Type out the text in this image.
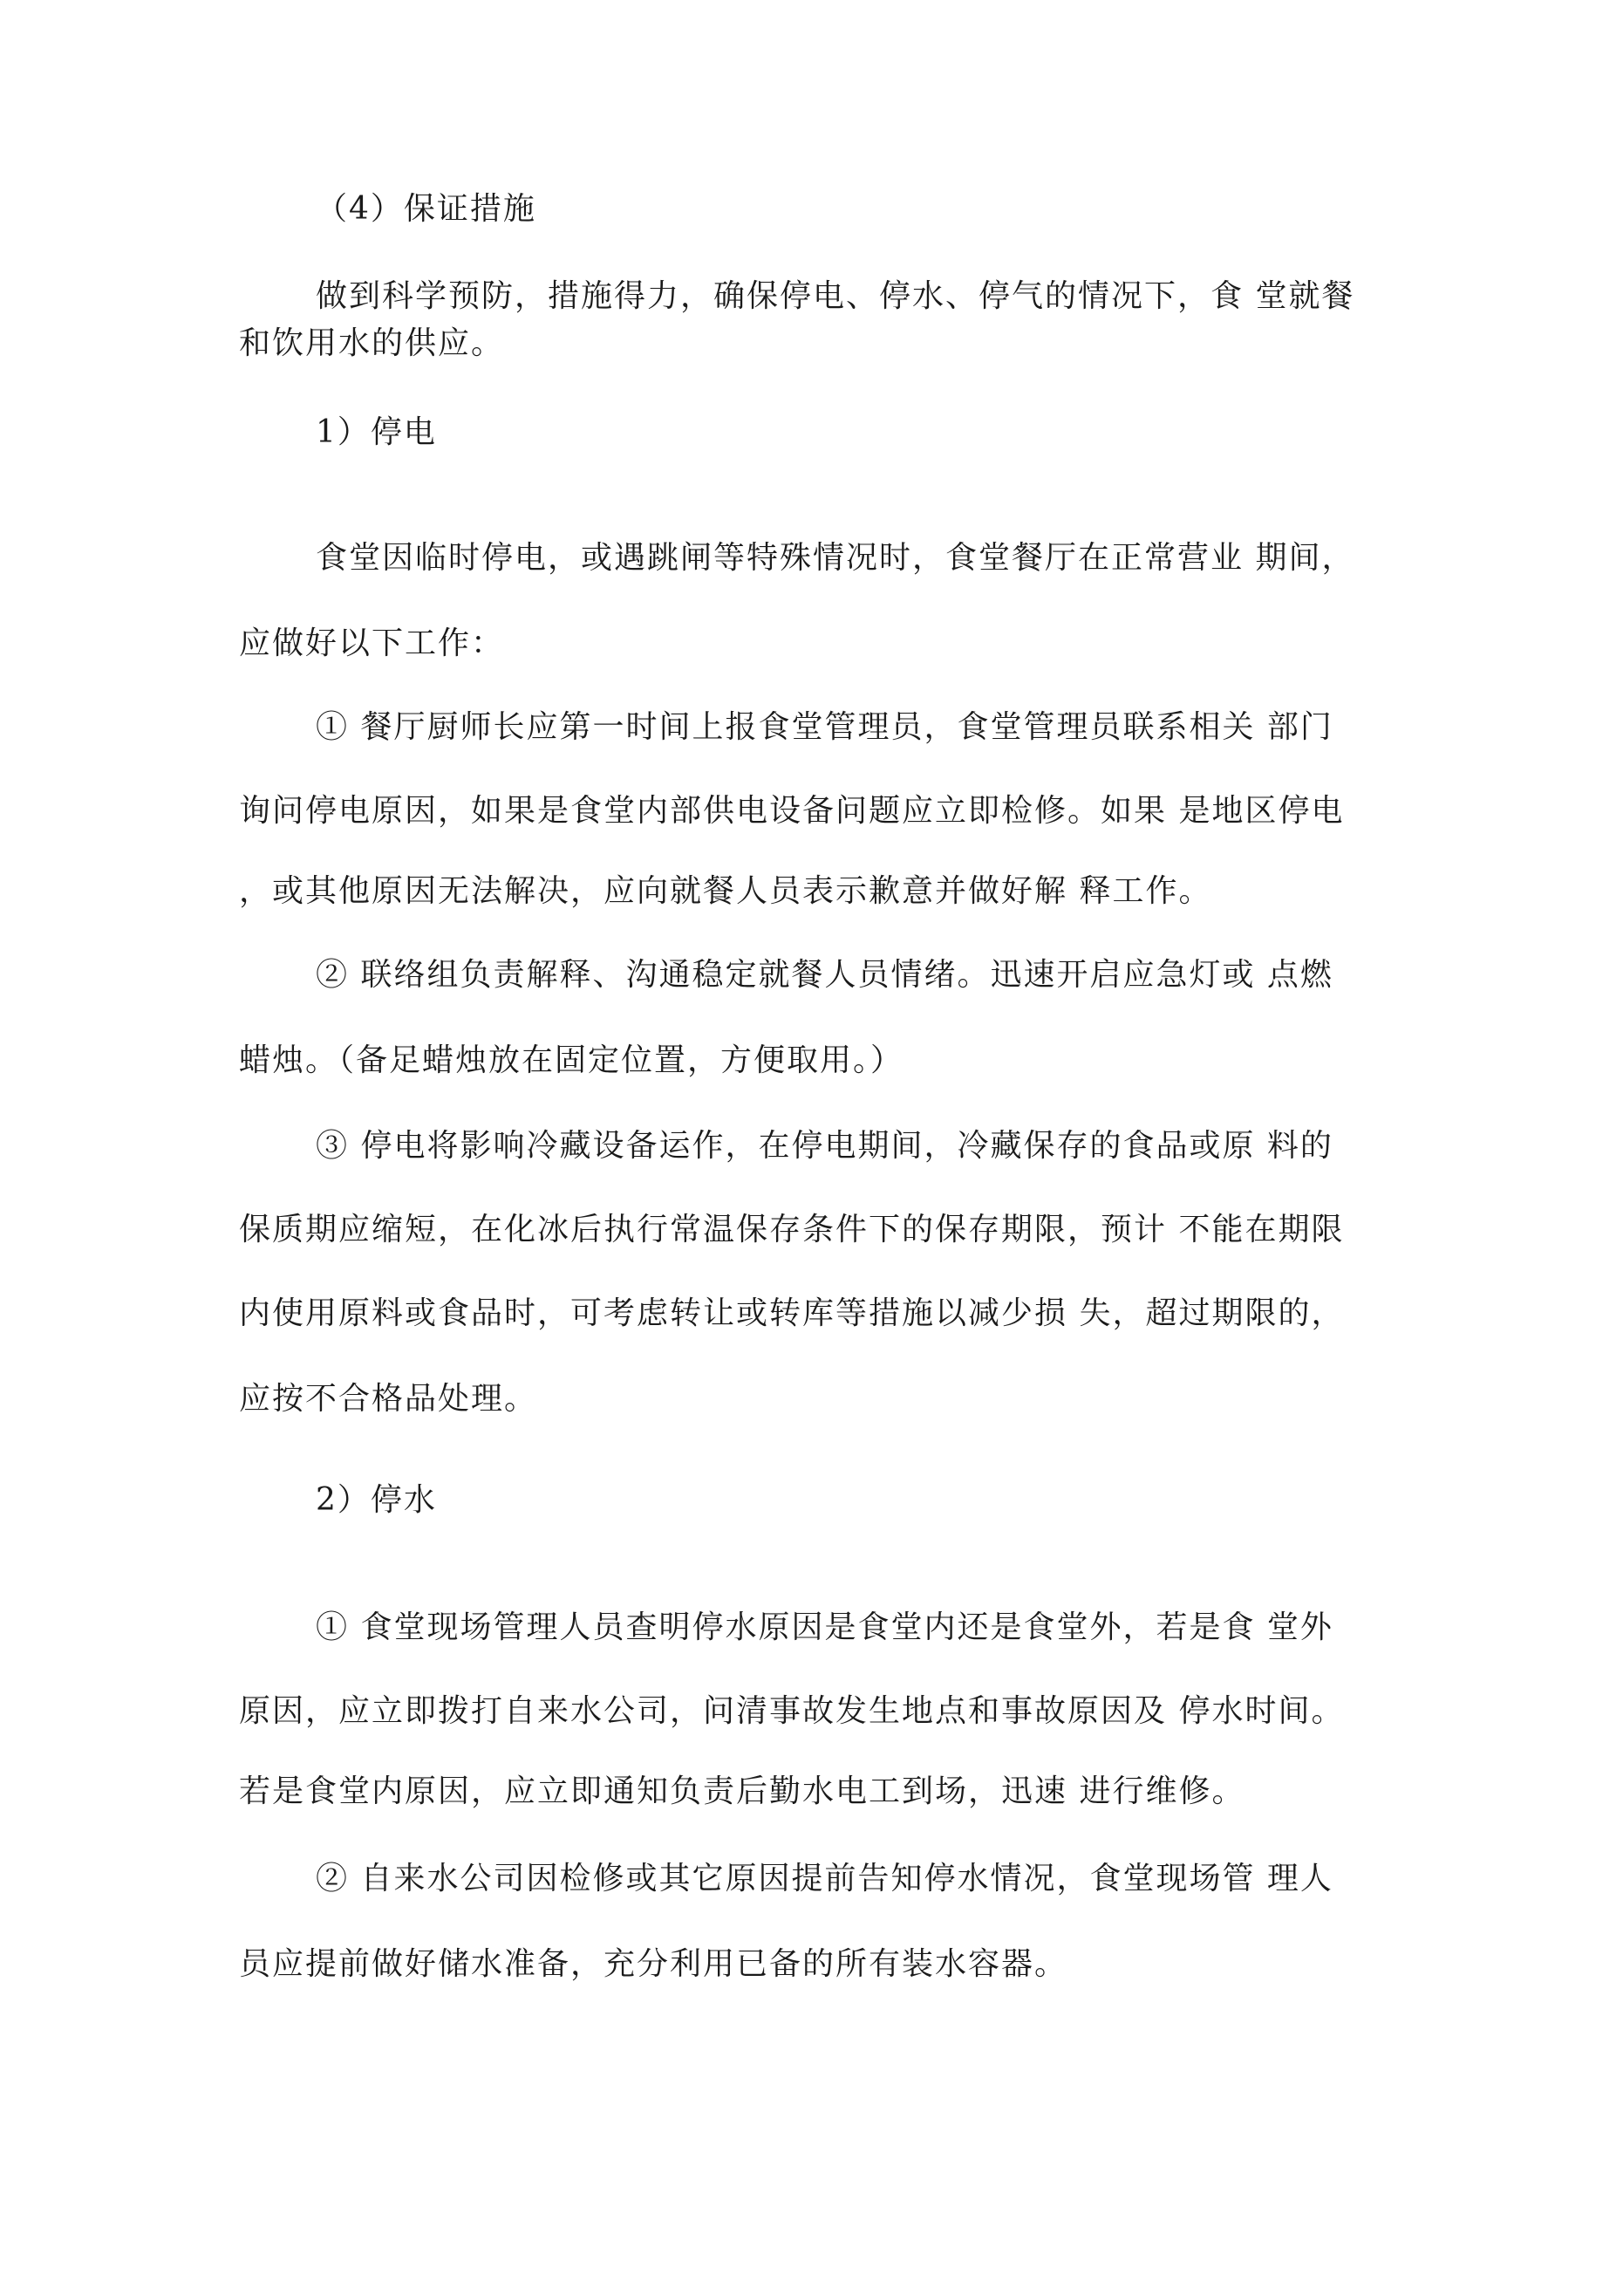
（4）保证措施

做到科学预防，措施得力，确保停电、停水、停气的情况下，食 堂就餐

和饮用水的供应。

1）停电

食堂因临时停电，或遇跳闸等特殊情况时，食堂餐厅在正常营业 期间，

应做好以下工作：

① 餐厅厨师长应第一时间上报食堂管理员，食堂管理员联系相关 部门

询问停电原因，如果是食堂内部供电设备问题应立即检修。如果 是地区停电

，或其他原因无法解决，应向就餐人员表示歉意并做好解 释工作。

② 联络组负责解释、沟通稳定就餐人员情绪。迅速开启应急灯或 点燃

蜡烛。（备足蜡烛放在固定位置，方便取用。）

③ 停电将影响冷藏设备运作，在停电期间，冷藏保存的食品或原 料的

保质期应缩短，在化冰后执行常温保存条件下的保存期限，预计 不能在期限

内使用原料或食品时，可考虑转让或转库等措施以减少损 失，超过期限的，

应按不合格品处理。

2）停水

① 食堂现场管理人员查明停水原因是食堂内还是食堂外，若是食 堂外

原因，应立即拨打自来水公司，问清事故发生地点和事故原因及 停水时间。

若是食堂内原因，应立即通知负责后勤水电工到场，迅速 进行维修。

② 自来水公司因检修或其它原因提前告知停水情况，食堂现场管 理人

员应提前做好储水准备，充分利用已备的所有装水容器。
